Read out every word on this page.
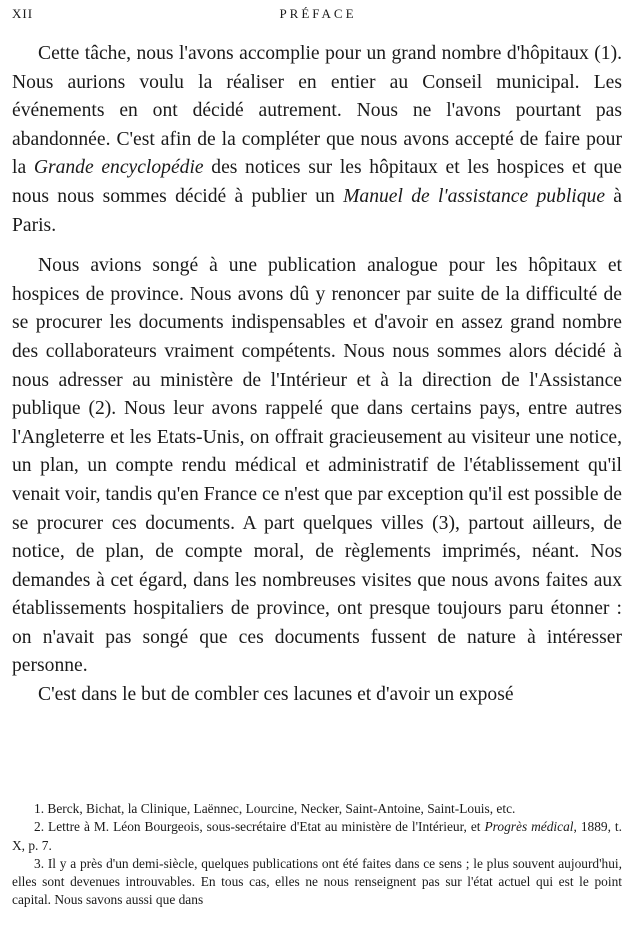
XII	PRÉFACE

Cette tâche, nous l'avons accomplie pour un grand nombre d'hôpitaux (1). Nous aurions voulu la réaliser en entier au Conseil municipal. Les événements en ont décidé autrement. Nous ne l'avons pourtant pas abandonnée. C'est afin de la compléter que nous avons accepté de faire pour la Grande encyclopédie des notices sur les hôpitaux et les hospices et que nous nous sommes décidé à publier un Manuel de l'assistance publique à Paris.

Nous avions songé à une publication analogue pour les hôpitaux et hospices de province. Nous avons dû y renoncer par suite de la difficulté de se procurer les documents indispensables et d'avoir en assez grand nombre des collaborateurs vraiment compétents. Nous nous sommes alors décidé à nous adresser au ministère de l'Intérieur et à la direction de l'Assistance publique (2). Nous leur avons rappelé que dans certains pays, entre autres l'Angleterre et les Etats-Unis, on offrait gracieusement au visiteur une notice, un plan, un compte rendu médical et administratif de l'établissement qu'il venait voir, tandis qu'en France ce n'est que par exception qu'il est possible de se procurer ces documents. A part quelques villes (3), partout ailleurs, de notice, de plan, de compte moral, de règlements imprimés, néant. Nos demandes à cet égard, dans les nombreuses visites que nous avons faites aux établissements hospitaliers de province, ont presque toujours paru étonner : on n'avait pas songé que ces documents fussent de nature à intéresser personne.

C'est dans le but de combler ces lacunes et d'avoir un exposé

1. Berck, Bichat, la Clinique, Laënnec, Lourcine, Necker, Saint-Antoine, Saint-Louis, etc.

2. Lettre à M. Léon Bourgeois, sous-secrétaire d'Etat au ministère de l'Intérieur, et Progrès médical, 1889, t. X, p. 7.

3. Il y a près d'un demi-siècle, quelques publications ont été faites dans ce sens ; le plus souvent aujourd'hui, elles sont devenues introuvables. En tous cas, elles ne nous renseignent pas sur l'état actuel qui est le point capital. Nous savons aussi que dans
